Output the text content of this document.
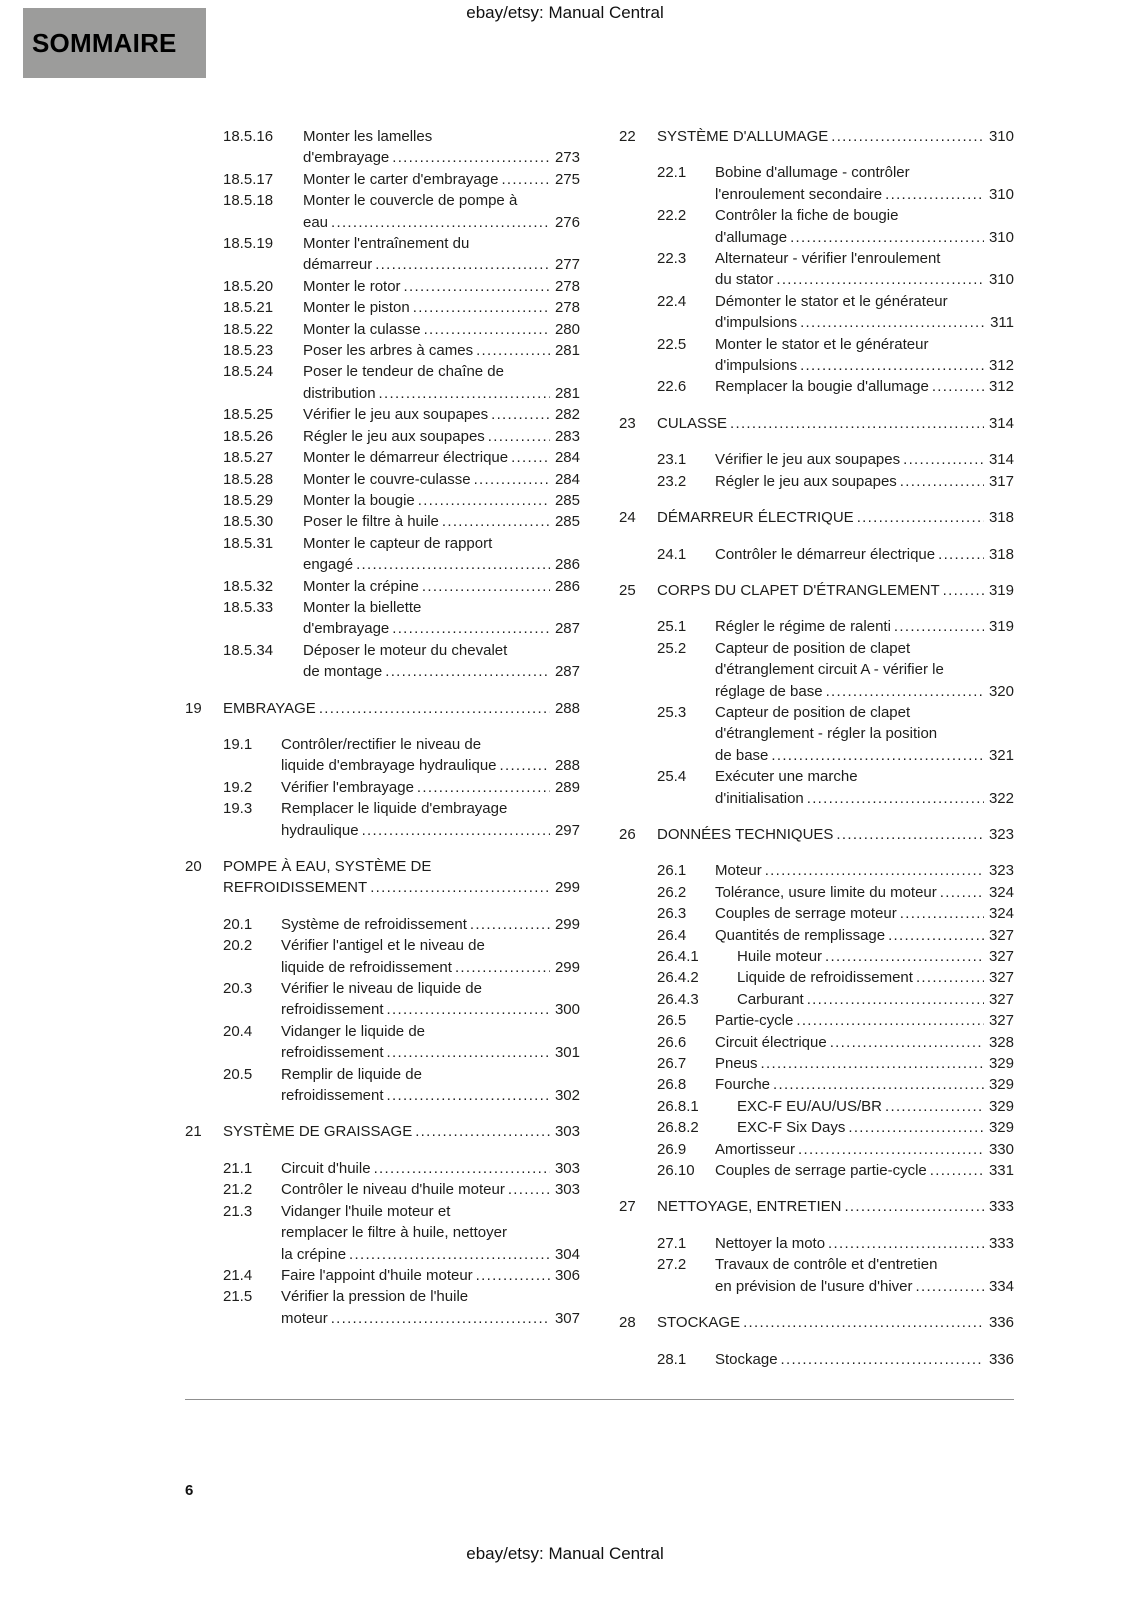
ebay/etsy: Manual Central
SOMMAIRE
18.5.16	Monter les lamelles
d'embrayage .....	273
18.5.17	Monter le carter d'embrayage .....	275
18.5.18	Monter le couvercle de pompe à
eau .....	276
18.5.19	Monter l'entraînement du
démarreur .....	277
18.5.20	Monter le rotor .....	278
18.5.21	Monter le piston .....	278
18.5.22	Monter la culasse .....	280
18.5.23	Poser les arbres à cames .....	281
18.5.24	Poser le tendeur de chaîne de
distribution .....	281
18.5.25	Vérifier le jeu aux soupapes .....	282
18.5.26	Régler le jeu aux soupapes .....	283
18.5.27	Monter le démarreur électrique .....	284
18.5.28	Monter le couvre-culasse .....	284
18.5.29	Monter la bougie .....	285
18.5.30	Poser le filtre à huile .....	285
18.5.31	Monter le capteur de rapport
engagé .....	286
18.5.32	Monter la crépine .....	286
18.5.33	Monter la biellette
d'embrayage .....	287
18.5.34	Déposer le moteur du chevalet
de montage .....	287
19	EMBRAYAGE .....	288
19.1	Contrôler/rectifier le niveau de
liquide d'embrayage hydraulique .....	288
19.2	Vérifier l'embrayage .....	289
19.3	Remplacer le liquide d'embrayage
hydraulique .....	297
20	POMPE À EAU, SYSTÈME DE
REFROIDISSEMENT .....	299
20.1	Système de refroidissement .....	299
20.2	Vérifier l'antigel et le niveau de
liquide de refroidissement .....	299
20.3	Vérifier le niveau de liquide de
refroidissement .....	300
20.4	Vidanger le liquide de
refroidissement .....	301
20.5	Remplir de liquide de
refroidissement .....	302
21	SYSTÈME DE GRAISSAGE .....	303
21.1	Circuit d'huile .....	303
21.2	Contrôler le niveau d'huile moteur .....	303
21.3	Vidanger l'huile moteur et
remplacer le filtre à huile, nettoyer
la crépine .....	304
21.4	Faire l'appoint d'huile moteur .....	306
21.5	Vérifier la pression de l'huile
moteur .....	307
22	SYSTÈME D'ALLUMAGE .....	310
22.1	Bobine d'allumage - contrôler
l'enroulement secondaire .....	310
22.2	Contrôler la fiche de bougie
d'allumage .....	310
22.3	Alternateur - vérifier l'enroulement
du stator .....	310
22.4	Démonter le stator et le générateur
d'impulsions .....	311
22.5	Monter le stator et le générateur
d'impulsions .....	312
22.6	Remplacer la bougie d'allumage .....	312
23	CULASSE .....	314
23.1	Vérifier le jeu aux soupapes .....	314
23.2	Régler le jeu aux soupapes .....	317
24	DÉMARREUR ÉLECTRIQUE .....	318
24.1	Contrôler le démarreur électrique .....	318
25	CORPS DU CLAPET D'ÉTRANGLEMENT .....	319
25.1	Régler le régime de ralenti .....	319
25.2	Capteur de position de clapet
d'étranglement circuit A - vérifier le
réglage de base .....	320
25.3	Capteur de position de clapet
d'étranglement - régler la position
de base .....	321
25.4	Exécuter une marche
d'initialisation .....	322
26	DONNÉES TECHNIQUES .....	323
26.1	Moteur .....	323
26.2	Tolérance, usure limite du moteur .....	324
26.3	Couples de serrage moteur .....	324
26.4	Quantités de remplissage .....	327
26.4.1	Huile moteur .....	327
26.4.2	Liquide de refroidissement .....	327
26.4.3	Carburant .....	327
26.5	Partie-cycle .....	327
26.6	Circuit électrique .....	328
26.7	Pneus .....	329
26.8	Fourche .....	329
26.8.1	EXC-F EU/AU/US/BR .....	329
26.8.2	EXC-F Six Days .....	329
26.9	Amortisseur .....	330
26.10	Couples de serrage partie-cycle .....	331
27	NETTOYAGE, ENTRETIEN .....	333
27.1	Nettoyer la moto .....	333
27.2	Travaux de contrôle et d'entretien
en prévision de l'usure d'hiver .....	334
28	STOCKAGE .....	336
28.1	Stockage .....	336
6
ebay/etsy: Manual Central
